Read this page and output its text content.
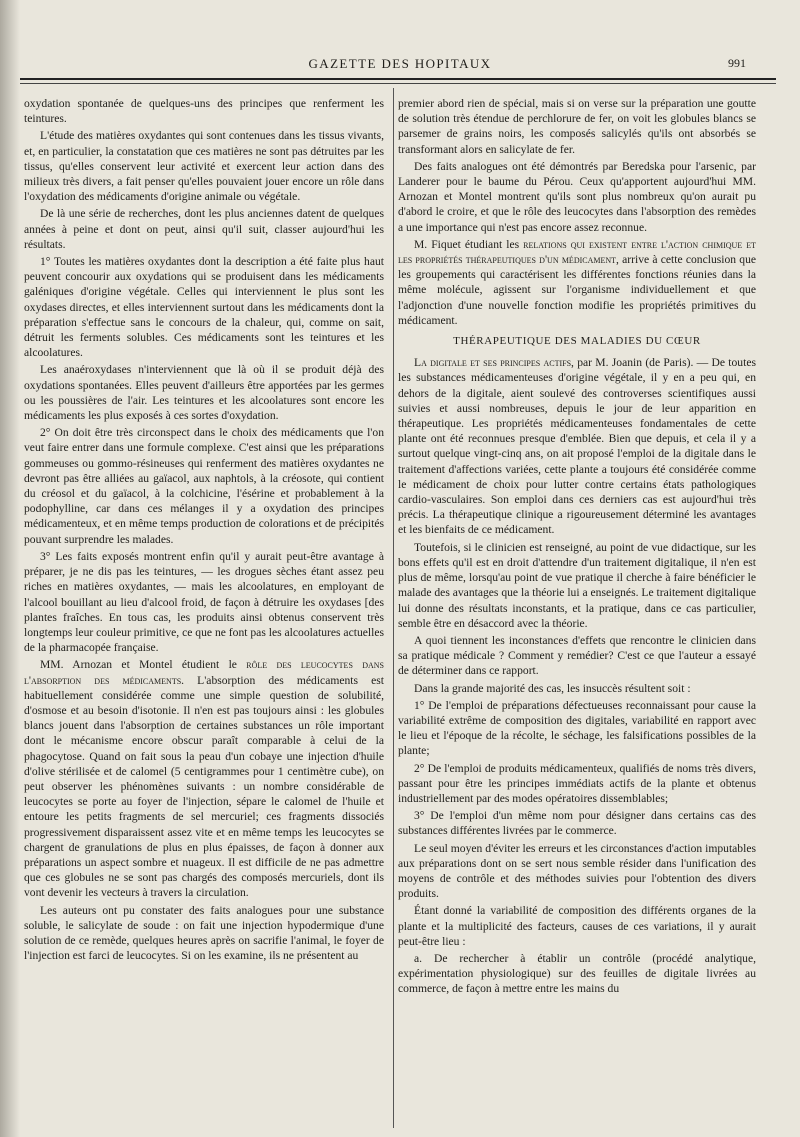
GAZETTE DES HOPITAUX	991

oxydation spontanée de quelques-uns des principes que renferment les teintures.

L'étude des matières oxydantes qui sont contenues dans les tissus vivants, et, en particulier, la constatation que ces matières ne sont pas détruites par les tissus, qu'elles conservent leur activité et exercent leur action dans des milieux très divers, a fait penser qu'elles pouvaient jouer encore un rôle dans l'oxydation des médicaments d'origine animale ou végétale.

De là une série de recherches, dont les plus anciennes datent de quelques années à peine et dont on peut, ainsi qu'il suit, classer aujourd'hui les résultats.

1° Toutes les matières oxydantes dont la description a été faite plus haut peuvent concourir aux oxydations qui se produisent dans les médicaments galéniques d'origine végétale. Celles qui interviennent le plus sont les oxydases directes, et elles interviennent surtout dans les médicaments dont la préparation s'effectue sans le concours de la chaleur, qui, comme on sait, détruit les ferments solubles. Ces médicaments sont les teintures et les alcoolatures.

Les anaéroxydases n'interviennent que là où il se produit déjà des oxydations spontanées. Elles peuvent d'ailleurs être apportées par les germes ou les poussières de l'air. Les teintures et les alcoolatures sont encore les médicaments les plus exposés à ces sortes d'oxydation.

2° On doit être très circonspect dans le choix des médicaments que l'on veut faire entrer dans une formule complexe. C'est ainsi que les préparations gommeuses ou gommo-résineuses qui renferment des matières oxydantes ne devront pas être alliées au gaïacol, aux naphtols, à la créosote, qui contient du créosol et du gaïacol, à la colchicine, l'ésérine et probablement à la podophylline, car dans ces mélanges il y a oxydation des principes médicamenteux, et en même temps production de colorations et de précipités pouvant surprendre les malades.

3° Les faits exposés montrent enfin qu'il y aurait peut-être avantage à préparer, je ne dis pas les teintures, — les drogues sèches étant assez peu riches en matières oxydantes, — mais les alcoolatures, en employant de l'alcool bouillant au lieu d'alcool froid, de façon à détruire les oxydases [des plantes fraîches. En tous cas, les produits ainsi obtenus conservent très longtemps leur couleur primitive, ce que ne font pas les alcoolatures actuelles de la pharmacopée française.

MM. Arnozan et Montel étudient le rôle des leucocytes dans l'absorption des médicaments. L'absorption des médicaments est habituellement considérée comme une simple question de solubilité, d'osmose et au besoin d'isotonie. Il n'en est pas toujours ainsi : les globules blancs jouent dans l'absorption de certaines substances un rôle important dont le mécanisme encore obscur paraît comparable à celui de la phagocytose. Quand on fait sous la peau d'un cobaye une injection d'huile d'olive stérilisée et de calomel (5 centigrammes pour 1 centimètre cube), on peut observer les phénomènes suivants : un nombre considérable de leucocytes se porte au foyer de l'injection, sépare le calomel de l'huile et entoure les petits fragments de sel mercuriel; ces fragments dissociés progressivement disparaissent assez vite et en même temps les leucocytes se chargent de granulations de plus en plus épaisses, de façon à donner aux préparations un aspect sombre et nuageux. Il est difficile de ne pas admettre que ces globules ne se sont pas chargés des composés mercuriels, dont ils vont devenir les vecteurs à travers la circulation.

Les auteurs ont pu constater des faits analogues pour une substance soluble, le salicylate de soude : on fait une injection hypodermique d'une solution de ce remède, quelques heures après on sacrifie l'animal, le foyer de l'injection est farci de leucocytes. Si on les examine, ils ne présentent au

premier abord rien de spécial, mais si on verse sur la préparation une goutte de solution très étendue de perchlorure de fer, on voit les globules blancs se parsemer de grains noirs, les composés salicylés qu'ils ont absorbés se transformant alors en salicylate de fer.

Des faits analogues ont été démontrés par Beredska pour l'arsenic, par Landerer pour le baume du Pérou. Ceux qu'apportent aujourd'hui MM. Arnozan et Montel montrent qu'ils sont plus nombreux qu'on aurait pu d'abord le croire, et que le rôle des leucocytes dans l'absorption des remèdes a une importance qui n'est pas encore assez reconnue.

M. Fiquet étudiant les relations qui existent entre l'action chimique et les propriétés thérapeutiques d'un médicament, arrive à cette conclusion que les groupements qui caractérisent les différentes fonctions réunies dans la même molécule, agissent sur l'organisme individuellement et que l'adjonction d'une nouvelle fonction modifie les propriétés primitives du médicament.

THÉRAPEUTIQUE DES MALADIES DU CŒUR

La digitale et ses principes actifs, par M. Joanin (de Paris). — De toutes les substances médicamenteuses d'origine végétale, il y en a peu qui, en dehors de la digitale, aient soulevé des controverses scientifiques aussi suivies et aussi nombreuses, depuis le jour de leur apparition en thérapeutique. Les propriétés médicamenteuses fondamentales de cette plante ont été reconnues presque d'emblée. Bien que depuis, et cela il y a surtout quelque vingt-cinq ans, on ait proposé l'emploi de la digitale dans le traitement d'affections variées, cette plante a toujours été considérée comme le médicament de choix pour lutter contre certains états pathologiques cardio-vasculaires. Son emploi dans ces derniers cas est aujourd'hui très précis. La thérapeutique clinique a rigoureusement déterminé les avantages et les bienfaits de ce médicament.

Toutefois, si le clinicien est renseigné, au point de vue didactique, sur les bons effets qu'il est en droit d'attendre d'un traitement digitalique, il n'en est plus de même, lorsqu'au point de vue pratique il cherche à faire bénéficier le malade des avantages que la théorie lui a enseignés. Le traitement digitalique lui donne des résultats inconstants, et la pratique, dans ce cas particulier, semble être en désaccord avec la théorie.

A quoi tiennent les inconstances d'effets que rencontre le clinicien dans sa pratique médicale ? Comment y remédier? C'est ce que l'auteur a essayé de déterminer dans ce rapport.

Dans la grande majorité des cas, les insuccès résultent soit :

1° De l'emploi de préparations défectueuses reconnaissant pour cause la variabilité extrême de composition des digitales, variabilité en rapport avec le lieu et l'époque de la récolte, le séchage, les falsifications possibles de la plante;

2° De l'emploi de produits médicamenteux, qualifiés de noms très divers, passant pour être les principes immédiats actifs de la plante et obtenus industriellement par des modes opératoires dissemblables;

3° De l'emploi d'un même nom pour désigner dans certains cas des substances différentes livrées par le commerce.

Le seul moyen d'éviter les erreurs et les circonstances d'action imputables aux préparations dont on se sert nous semble résider dans l'unification des moyens de contrôle et des méthodes suivies pour l'obtention des divers produits.

Étant donné la variabilité de composition des différents organes de la plante et la multiplicité des facteurs, causes de ces variations, il y aurait peut-être lieu :

a. De rechercher à établir un contrôle (procédé analytique, expérimentation physiologique) sur des feuilles de digitale livrées au commerce, de façon à mettre entre les mains du
